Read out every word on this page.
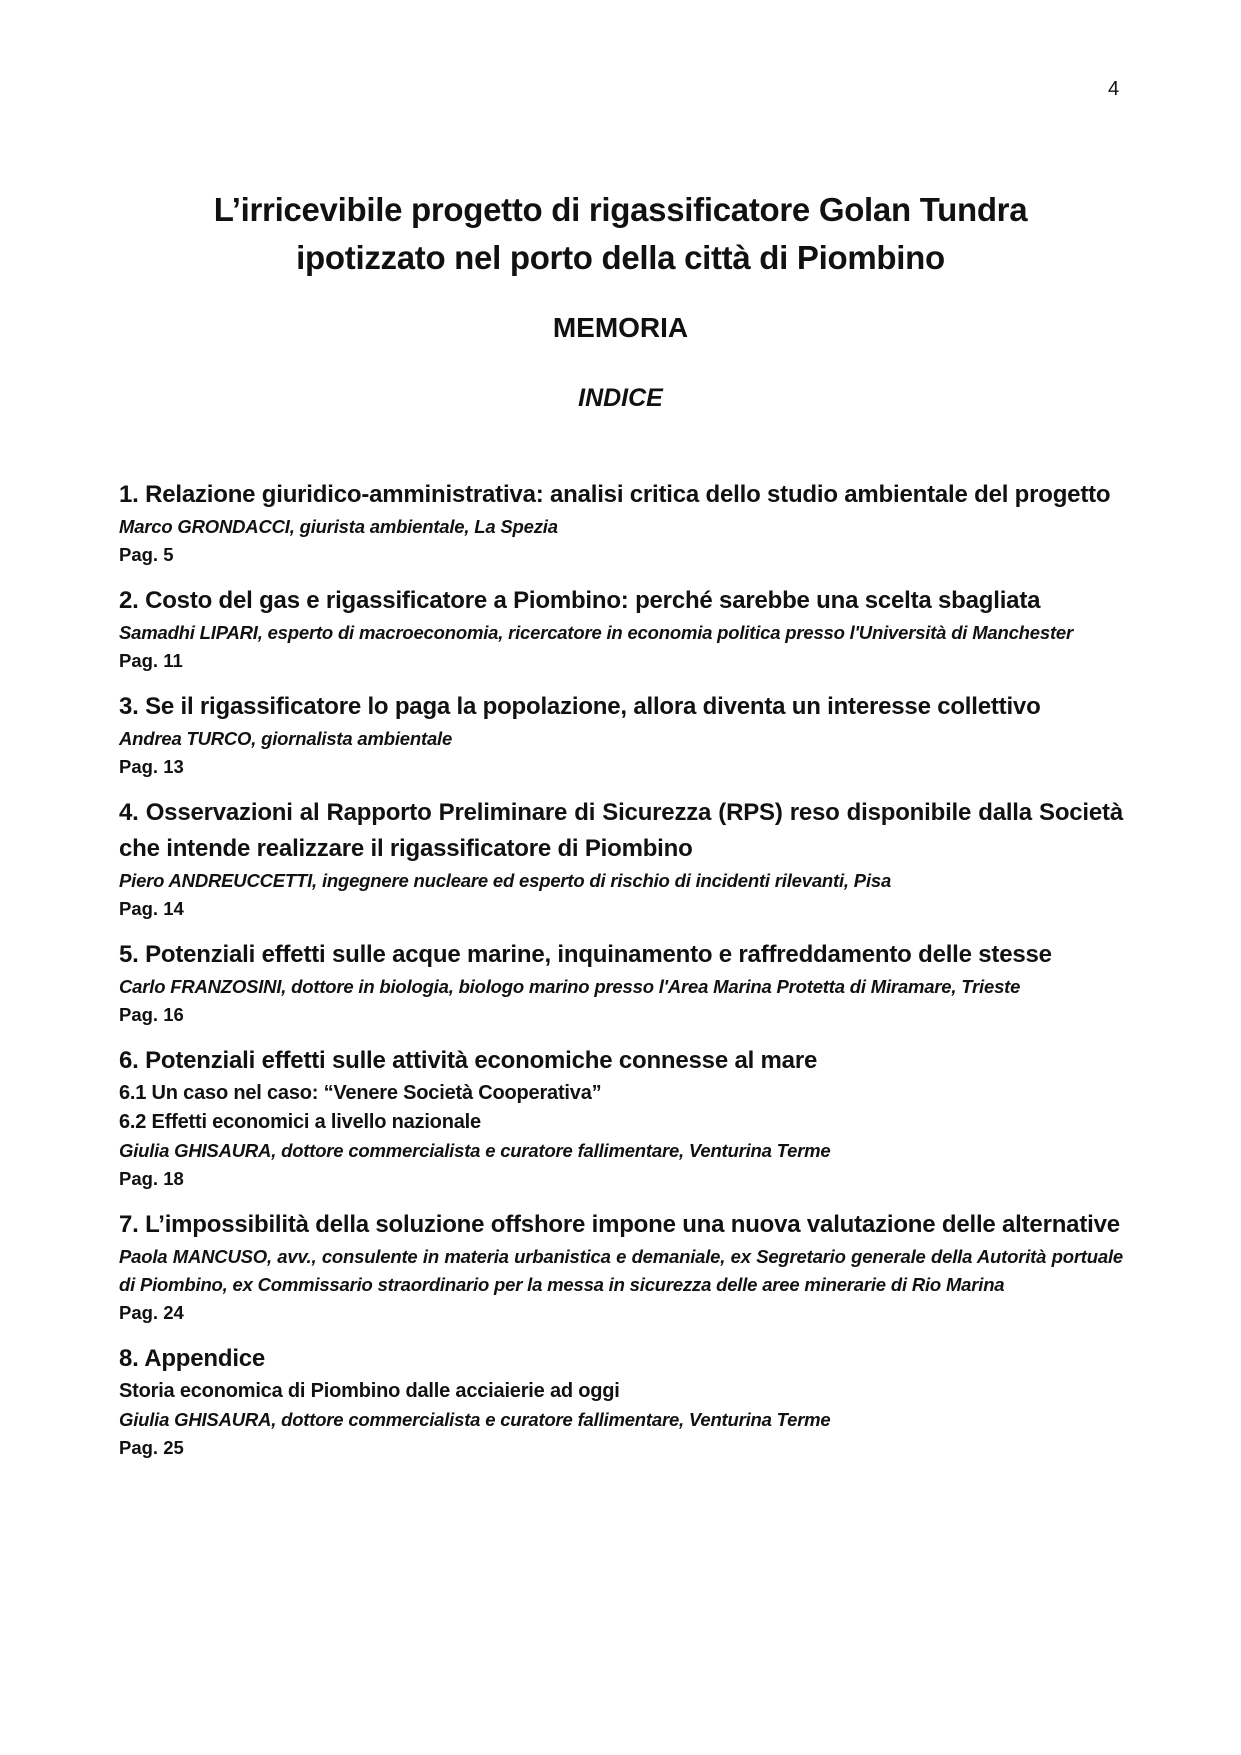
4
L’irricevibile progetto di rigassificatore Golan Tundra
ipotizzato nel porto della città di Piombino
MEMORIA
INDICE
1. Relazione giuridico-amministrativa: analisi critica dello studio ambientale del progetto
Marco GRONDACCI, giurista ambientale, La Spezia
Pag. 5
2. Costo del gas e rigassificatore a Piombino: perché sarebbe una scelta sbagliata
Samadhi LIPARI, esperto di macroeconomia, ricercatore in economia politica presso l'Università di Manchester
Pag. 11
3. Se il rigassificatore lo paga la popolazione, allora diventa un interesse collettivo
Andrea TURCO, giornalista ambientale
Pag. 13
4. Osservazioni al Rapporto Preliminare di Sicurezza (RPS) reso disponibile dalla Società che intende realizzare il rigassificatore di Piombino
Piero ANDREUCCETTI, ingegnere nucleare ed esperto di rischio di incidenti rilevanti, Pisa
Pag. 14
5. Potenziali effetti sulle acque marine, inquinamento e raffreddamento delle stesse
Carlo FRANZOSINI, dottore in biologia, biologo marino presso l'Area Marina Protetta di Miramare, Trieste
Pag. 16
6. Potenziali effetti sulle attività economiche connesse al mare
6.1 Un caso nel caso: “Venere Società Cooperativa”
6.2 Effetti economici a livello nazionale
Giulia GHISAURA, dottore commercialista e curatore fallimentare, Venturina Terme
Pag. 18
7. L’impossibilità della soluzione offshore impone una nuova valutazione delle alternative
Paola MANCUSO, avv., consulente in materia urbanistica e demaniale, ex Segretario generale della Autorità portuale di Piombino, ex Commissario straordinario per la messa in sicurezza delle aree minerarie di Rio Marina
Pag. 24
8. Appendice
Storia economica di Piombino dalle acciaierie ad oggi
Giulia GHISAURA, dottore commercialista e curatore fallimentare, Venturina Terme
Pag. 25
